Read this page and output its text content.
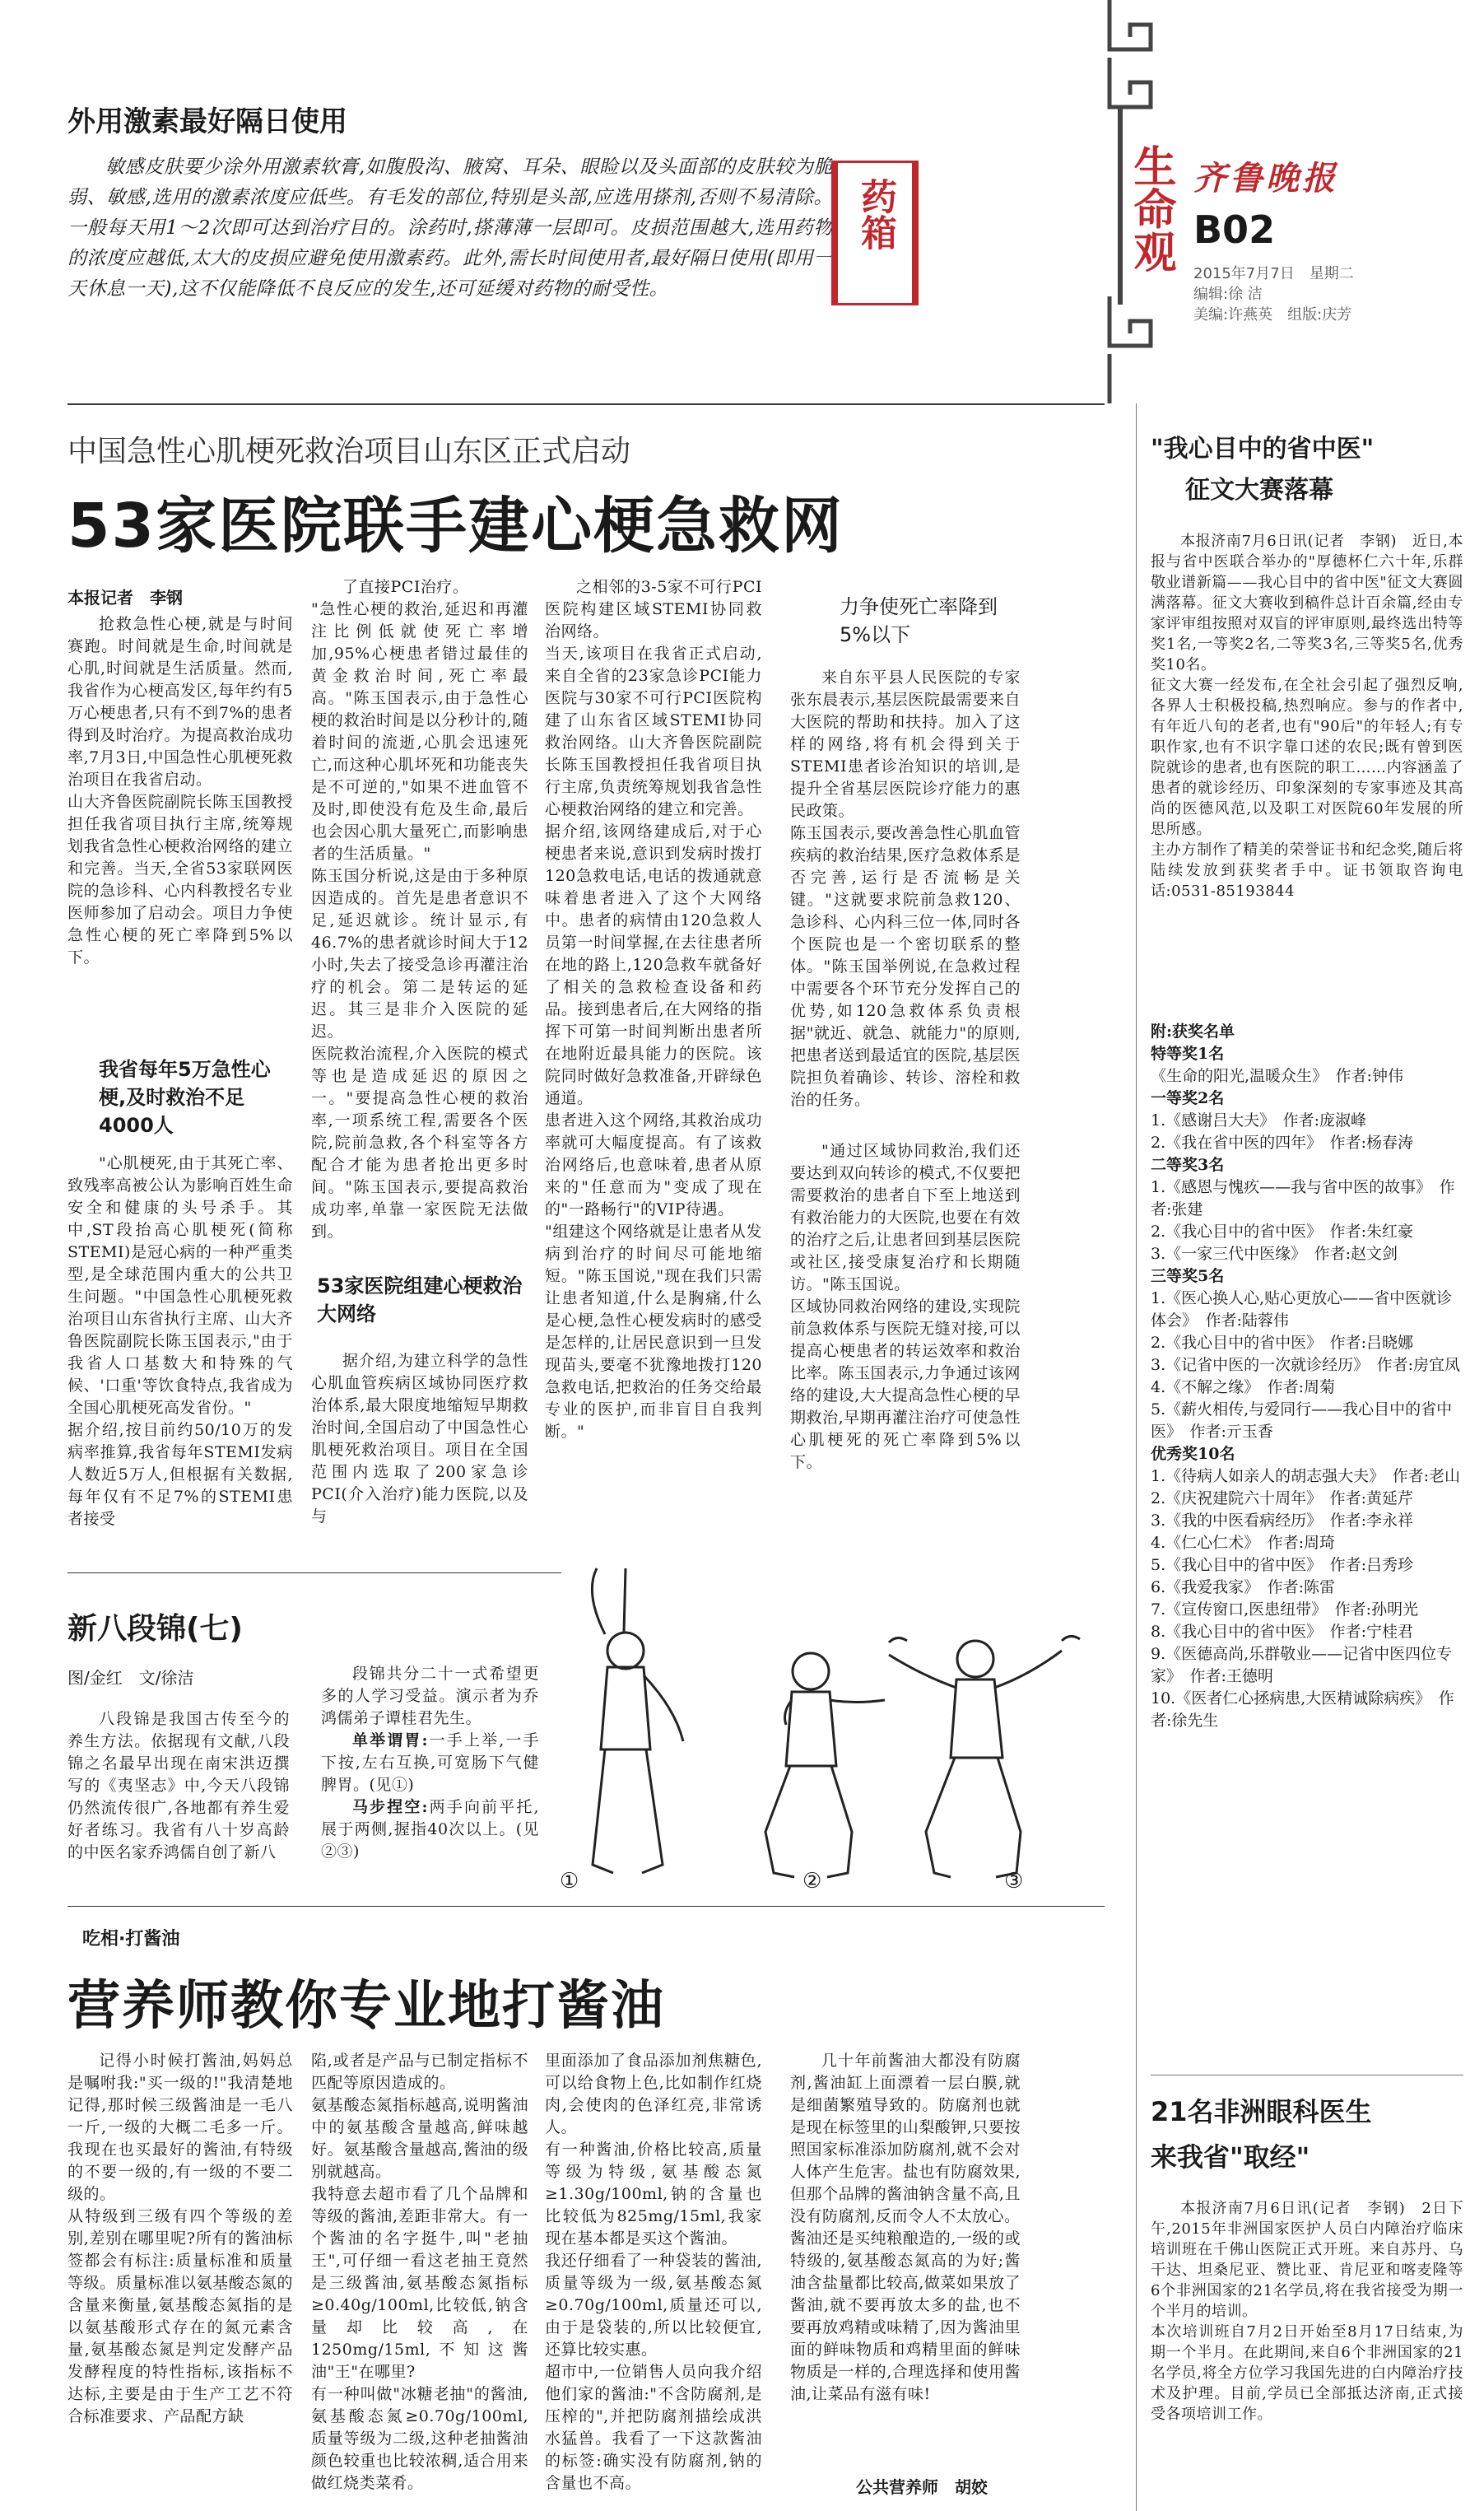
生命观 齐鲁晚报
B02
2015年7月7日　星期二
编辑:徐 洁
美编:许燕英　组版:庆芳
外用激素最好隔日使用
敏感皮肤要少涂外用激素软膏,如腹股沟、腋窝、耳朵、眼睑以及头面部的皮肤较为脆弱、敏感,选用的激素浓度应低些。有毛发的部位,特别是头部,应选用搽剂,否则不易清除。一般每天用1～2次即可达到治疗目的。涂药时,搽薄薄一层即可。皮损范围越大,选用药物的浓度应越低,太大的皮损应避免使用激素药。此外,需长时间使用者,最好隔日使用(即用一天休息一天),这不仅能降低不良反应的发生,还可延缓对药物的耐受性。
药箱
中国急性心肌梗死救治项目山东区正式启动
53家医院联手建心梗急救网
本报记者　李钢
抢救急性心梗,就是与时间赛跑。时间就是生命,时间就是心肌,时间就是生活质量。然而,我省作为心梗高发区,每年约有5万心梗患者,只有不到7%的患者得到及时治疗。为提高救治成功率,7月3日,中国急性心肌梗死救治项目在我省启动。
山大齐鲁医院副院长陈玉国教授担任我省项目执行主席,统筹规划我省急性心梗救治网络的建立和完善。当天,全省53家联网医院的急诊科、心内科教授名专业医师参加了启动会。项目力争使急性心梗的死亡率降到5%以下。
我省每年5万急性心梗,及时救治不足4000人
"心肌梗死,由于其死亡率、致残率高被公认为影响百姓生命安全和健康的头号杀手。其中,ST段抬高心肌梗死(简称STEMI)是冠心病的一种严重类型,是全球范围内重大的公共卫生问题。"中国急性心肌梗死救治项目山东省执行主席、山大齐鲁医院副院长陈玉国表示,"由于我省人口基数大和特殊的气候、'口重'等饮食特点,我省成为全国心肌梗死高发省份。"
据介绍,按目前约50/10万的发病率推算,我省每年STEMI发病人数近5万人,但根据有关数据,每年仅有不足7%的STEMI患者接受
了直接PCI治疗。
"急性心梗的救治,延迟和再灌注比例低就使死亡率增加,95%心梗患者错过最佳的黄金救治时间,死亡率最高。"陈玉国表示,由于急性心梗的救治时间是以分秒计的,随着时间的流逝,心肌会迅速死亡,而这种心肌坏死和功能丧失是不可逆的,"如果不进血管不及时,即使没有危及生命,最后也会因心肌大量死亡,而影响患者的生活质量。"
陈玉国分析说,这是由于多种原因造成的。首先是患者意识不足,延迟就诊。统计显示,有46.7%的患者就诊时间大于12小时,失去了接受急诊再灌注治疗的机会。第二是转运的延迟。其三是非介入医院的延迟。
医院救治流程,介入医院的模式等也是造成延迟的原因之一。"要提高急性心梗的救治率,一项系统工程,需要各个医院,院前急救,各个科室等各方配合才能为患者抢出更多时间。"陈玉国表示,要提高救治成功率,单靠一家医院无法做到。
53家医院组建心梗救治大网络
据介绍,为建立科学的急性心肌血管疾病区域协同医疗救治体系,最大限度地缩短早期救治时间,全国启动了中国急性心肌梗死救治项目。项目在全国范围内选取了200家急诊PCI(介入治疗)能力医院,以及与
之相邻的3-5家不可行PCI医院构建区域STEMI协同救治网络。
当天,该项目在我省正式启动,来自全省的23家急诊PCI能力医院与30家不可行PCI医院构建了山东省区域STEMI协同救治网络。山大齐鲁医院副院长陈玉国教授担任我省项目执行主席,负责统筹规划我省急性心梗救治网络的建立和完善。
据介绍,该网络建成后,对于心梗患者来说,意识到发病时拨打120急救电话,电话的拨通就意味着患者进入了这个大网络中。患者的病情由120急救人员第一时间掌握,在去往患者所在地的路上,120急救车就备好了相关的急救检查设备和药品。接到患者后,在大网络的指挥下可第一时间判断出患者所在地附近最具能力的医院。该院同时做好急救准备,开辟绿色通道。
患者进入这个网络,其救治成功率就可大幅度提高。有了该救治网络后,也意味着,患者从原来的"任意而为"变成了现在的"一路畅行"的VIP待遇。
"组建这个网络就是让患者从发病到治疗的时间尽可能地缩短。"陈玉国说,"现在我们只需让患者知道,什么是胸痛,什么是心梗,急性心梗发病时的感受是怎样的,让居民意识到一旦发现苗头,要毫不犹豫地拨打120急救电话,把救治的任务交给最专业的医护,而非盲目自我判断。"
力争使死亡率降到5%以下
来自东平县人民医院的专家张东晨表示,基层医院最需要来自大医院的帮助和扶持。加入了这样的网络,将有机会得到关于STEMI患者诊治知识的培训,是提升全省基层医院诊疗能力的惠民政策。
陈玉国表示,要改善急性心肌血管疾病的救治结果,医疗急救体系是否完善,运行是否流畅是关键。"这就要求院前急救120、急诊科、心内科三位一体,同时各个医院也是一个密切联系的整体。"陈玉国举例说,在急救过程中需要各个环节充分发挥自己的优势,如120急救体系负责根据"就近、就急、就能力"的原则,把患者送到最适宜的医院,基层医院担负着确诊、转诊、溶栓和救治的任务。
"通过区域协同救治,我们还要达到双向转诊的模式,不仅要把需要救治的患者自下至上地送到有救治能力的大医院,也要在有效的治疗之后,让患者回到基层医院或社区,接受康复治疗和长期随访。"陈玉国说。
区域协同救治网络的建设,实现院前急救体系与医院无缝对接,可以提高心梗患者的转运效率和救治比率。陈玉国表示,力争通过该网络的建设,大大提高急性心梗的早期救治,早期再灌注治疗可使急性心肌梗死的死亡率降到5%以下。
新八段锦(七)
图/金红　文/徐洁
八段锦是我国古传至今的养生方法。依据现有文献,八段锦之名最早出现在南宋洪迈撰写的《夷坚志》中,今天八段锦仍然流传很广,各地都有养生爱好者练习。我省有八十岁高龄的中医名家乔鸿儒自创了新八

段锦共分二十一式希望更多的人学习受益。演示者为乔鸿儒弟子谭桂君先生。

单举谓胃:一手上举,一手下按,左右互换,可宽肠下气健脾胃。(见①)

马步捏空:两手向前平托,展于两侧,握指40次以上。(见②③)

①	②	③
吃相·打酱油
营养师教你专业地打酱油
记得小时候打酱油,妈妈总是嘱咐我:"买一级的!"我清楚地记得,那时候三级酱油是一毛八一斤,一级的大概二毛多一斤。我现在也买最好的酱油,有特级的不要一级的,有一级的不要二级的。
从特级到三级有四个等级的差别,差别在哪里呢?所有的酱油标签都会有标注:质量标准和质量等级。质量标准以氨基酸态氮的含量来衡量,氨基酸态氮指的是以氨基酸形式存在的氮元素含量,氨基酸态氮是判定发酵产品发酵程度的特性指标,该指标不达标,主要是由于生产工艺不符合标准要求、产品配方缺
陷,或者是产品与已制定指标不匹配等原因造成的。
氨基酸态氮指标越高,说明酱油中的氨基酸含量越高,鲜味越好。氨基酸含量越高,酱油的级别就越高。
我特意去超市看了几个品牌和等级的酱油,差距非常大。有一个酱油的名字挺牛,叫"老抽王",可仔细一看这老抽王竟然是三级酱油,氨基酸态氮指标≥0.40g/100ml,比较低,钠含量却比较高,在1250mg/15ml,不知这酱油"王"在哪里?
有一种叫做"冰糖老抽"的酱油,氨基酸态氮≥0.70g/100ml,质量等级为二级,这种老抽酱油颜色较重也比较浓稠,适合用来做红烧类菜肴。
里面添加了食品添加剂焦糖色,可以给食物上色,比如制作红烧肉,会使肉的色泽红亮,非常诱人。
有一种酱油,价格比较高,质量等级为特级,氨基酸态氮≥1.30g/100ml,钠的含量也比较低为825mg/15ml,我家现在基本都是买这个酱油。
我还仔细看了一种袋装的酱油,质量等级为一级,氨基酸态氮≥0.70g/100ml,质量还可以,由于是袋装的,所以比较便宜,还算比较实惠。
超市中,一位销售人员向我介绍他们家的酱油:"不含防腐剂,是压榨的",并把防腐剂描绘成洪水猛兽。我看了一下这款酱油的标签:确实没有防腐剂,钠的含量也不高。
几十年前酱油大都没有防腐剂,酱油缸上面漂着一层白膜,就是细菌繁殖导致的。防腐剂也就是现在标签里的山梨酸钾,只要按照国家标准添加防腐剂,就不会对人体产生危害。盐也有防腐效果,但那个品牌的酱油钠含量不高,且没有防腐剂,反而令人不太放心。
酱油还是买纯粮酿造的,一级的或特级的,氨基酸态氮高的为好;酱油含盐量都比较高,做菜如果放了酱油,就不要再放太多的盐,也不要再放鸡精或味精了,因为酱油里面的鲜味物质和鸡精里面的鲜味物质是一样的,合理选择和使用酱油,让菜品有滋有味!
公共营养师　胡姣
"我心目中的省中医"
征文大赛落幕
本报济南7月6日讯(记者　李钢)　近日,本报与省中医联合举办的"厚德杯仁六十年,乐群敬业谱新篇——我心目中的省中医"征文大赛圆满落幕。征文大赛收到稿件总计百余篇,经由专家评审组按照对双盲的评审原则,最终选出特等奖1名,一等奖2名,二等奖3名,三等奖5名,优秀奖10名。
征文大赛一经发布,在全社会引起了强烈反响,各界人士积极投稿,热烈响应。参与的作者中,有年近八旬的老者,也有"90后"的年轻人;有专职作家,也有不识字靠口述的农民;既有曾到医院就诊的患者,也有医院的职工……内容涵盖了患者的就诊经历、印象深刻的专家事迹及其高尚的医德风范,以及职工对医院60年发展的所思所感。
主办方制作了精美的荣誉证书和纪念奖,随后将陆续发放到获奖者手中。证书领取咨询电话:0531-85193844

附:获奖名单

特等奖1名

《生命的阳光,温暖众生》　作者:钟伟

一等奖2名

1.《感谢吕大夫》　作者:庞淑峰

2.《我在省中医的四年》　作者:杨春涛

二等奖3名

1.《感恩与愧疚——我与省中医的故事》　作者:张建

2.《我心目中的省中医》　作者:朱红豪

3.《一家三代中医缘》　作者:赵文剑

三等奖5名

1.《医心换人心,贴心更放心——省中医就诊体会》　作者:陆蓉伟

2.《我心目中的省中医》　作者:吕晓娜

3.《记省中医的一次就诊经历》　作者:房宜凤

4.《不解之缘》　作者:周菊

5.《薪火相传,与爱同行——我心目中的省中医》　作者:亓玉香

优秀奖10名

1.《待病人如亲人的胡志强大夫》　作者:老山

2.《庆祝建院六十周年》　作者:黄延芹

3.《我的中医看病经历》　作者:李永祥

4.《仁心仁术》　作者:周琦

5.《我心目中的省中医》　作者:吕秀珍

6.《我爱我家》　作者:陈雷

7.《宣传窗口,医患纽带》　作者:孙明光

8.《我心目中的省中医》　作者:宁桂君

9.《医德高尚,乐群敬业——记省中医四位专家》　作者:王德明

10.《医者仁心拯病患,大医精诚除病疾》　作者:徐先生

21名非洲眼科医生
来我省"取经"
本报济南7月6日讯(记者　李钢)　2日下午,2015年非洲国家医护人员白内障治疗临床培训班在千佛山医院正式开班。来自苏丹、乌干达、坦桑尼亚、赞比亚、肯尼亚和喀麦隆等6个非洲国家的21名学员,将在我省接受为期一个半月的培训。
本次培训班自7月2日开始至8月17日结束,为期一个半月。在此期间,来自6个非洲国家的21名学员,将全方位学习我国先进的白内障治疗技术及护理。目前,学员已全部抵达济南,正式接受各项培训工作。
